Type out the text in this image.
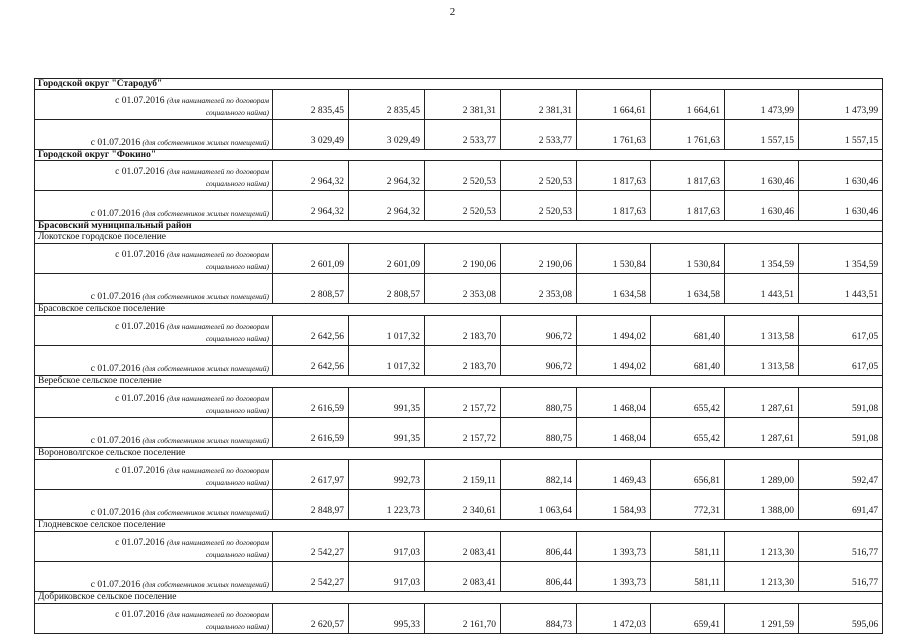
2
Городской округ "Стародуб"								

с 01.07.2016 (для нанимателей по договорам
социального найма)	2 835,45	2 835,45	2 381,31	2 381,31	1 664,61	1 664,61	1 473,99	1 473,99

с 01.07.2016 (для собственников жилых помещений)	3 029,49	3 029,49	2 533,77	2 533,77	1 761,63	1 761,63	1 557,15	1 557,15
Городской округ "Фокино"								

с 01.07.2016 (для нанимателей по договорам
социального найма)	2 964,32	2 964,32	2 520,53	2 520,53	1 817,63	1 817,63	1 630,46	1 630,46

с 01.07.2016 (для собственников жилых помещений)	2 964,32	2 964,32	2 520,53	2 520,53	1 817,63	1 817,63	1 630,46	1 630,46
Брасовский муниципальный район								
Локотское городское поселение								

с 01.07.2016 (для нанимателей по договорам
социального найма)	2 601,09	2 601,09	2 190,06	2 190,06	1 530,84	1 530,84	1 354,59	1 354,59

с 01.07.2016 (для собственников жилых помещений)	2 808,57	2 808,57	2 353,08	2 353,08	1 634,58	1 634,58	1 443,51	1 443,51
Брасовское сельское поселение								

с 01.07.2016 (для нанимателей по договорам
социального найма)	2 642,56	1 017,32	2 183,70	906,72	1 494,02	681,40	1 313,58	617,05

с 01.07.2016 (для собственников жилых помещений)	2 642,56	1 017,32	2 183,70	906,72	1 494,02	681,40	1 313,58	617,05
Веребское сельское поселение								

с 01.07.2016 (для нанимателей по договорам
социального найма)	2 616,59	991,35	2 157,72	880,75	1 468,04	655,42	1 287,61	591,08

с 01.07.2016 (для собственников жилых помещений)	2 616,59	991,35	2 157,72	880,75	1 468,04	655,42	1 287,61	591,08
Вороноволгское сельское поселение								

с 01.07.2016 (для нанимателей по договорам
социального найма)	2 617,97	992,73	2 159,11	882,14	1 469,43	656,81	1 289,00	592,47

с 01.07.2016 (для собственников жилых помещений)	2 848,97	1 223,73	2 340,61	1 063,64	1 584,93	772,31	1 388,00	691,47
Глодневское селское поселение								

с 01.07.2016 (для нанимателей по договорам
социального найма)	2 542,27	917,03	2 083,41	806,44	1 393,73	581,11	1 213,30	516,77

с 01.07.2016 (для собственников жилых помещений)	2 542,27	917,03	2 083,41	806,44	1 393,73	581,11	1 213,30	516,77
Добриковское сельское поселение								

с 01.07.2016 (для нанимателей по договорам
социального найма)	2 620,57	995,33	2 161,70	884,73	1 472,03	659,41	1 291,59	595,06
